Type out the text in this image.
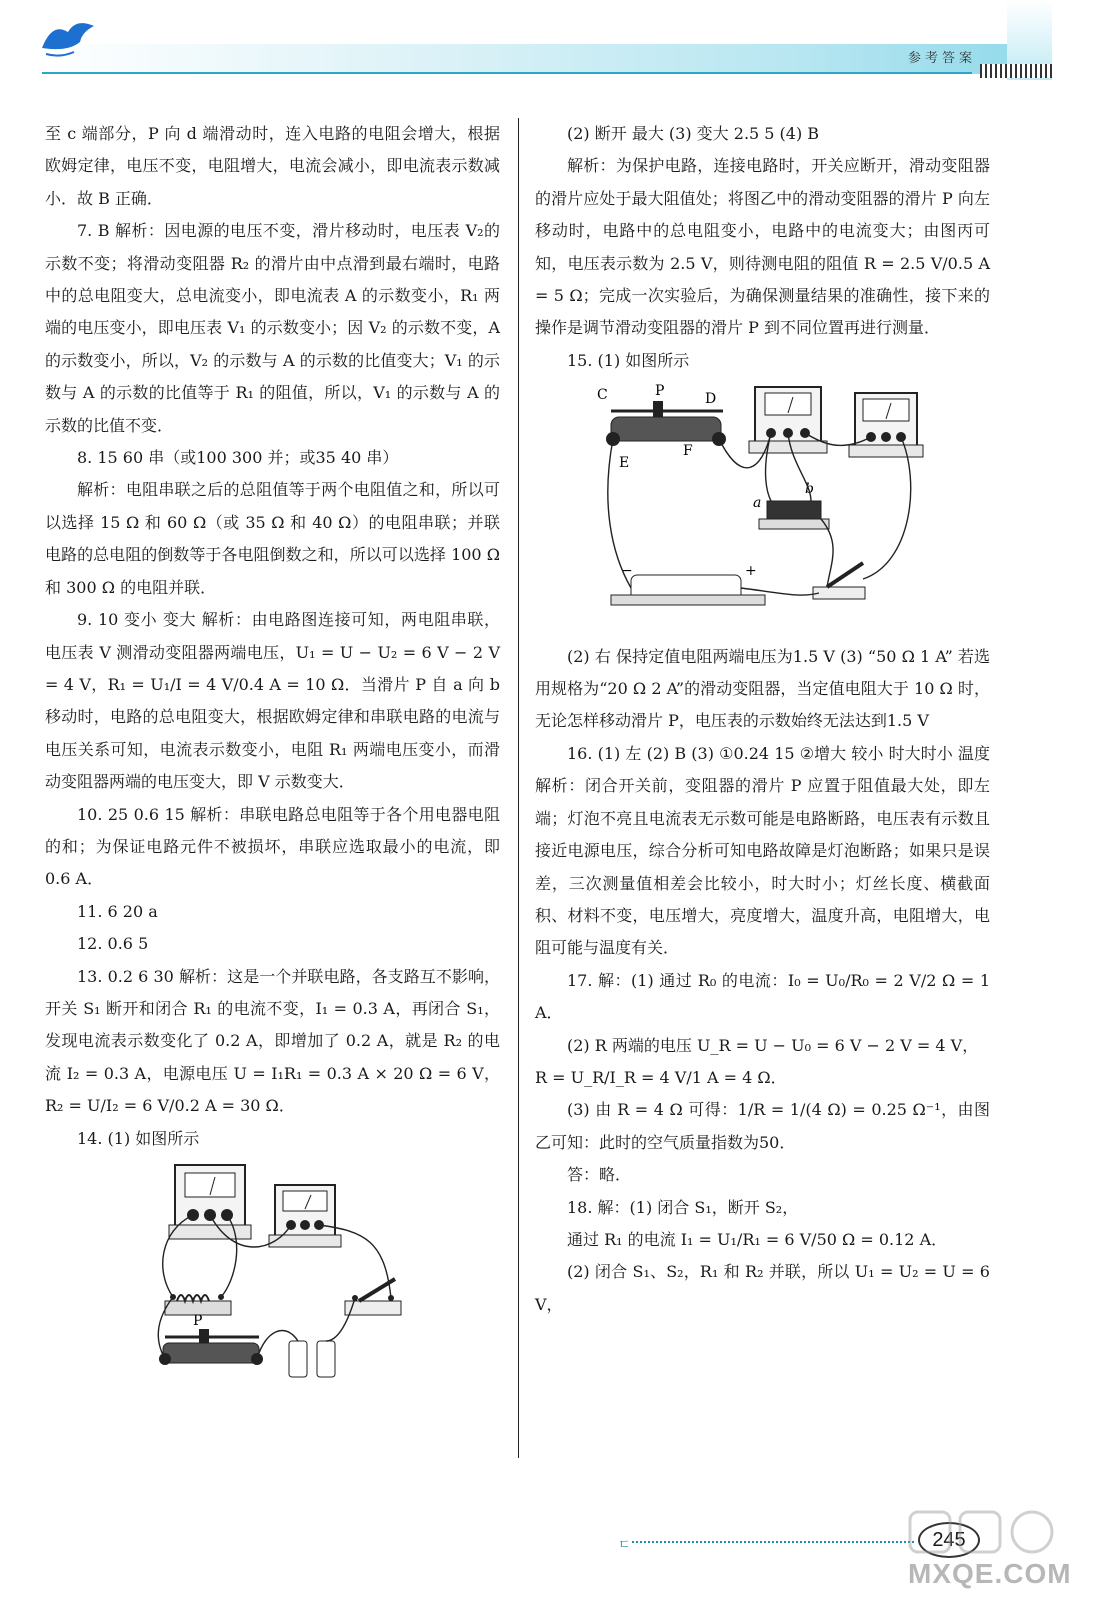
参考答案

至 c 端部分，P 向 d 端滑动时，连入电路的电阻会增大，根据欧姆定律，电压不变，电阻增大，电流会减小，即电流表示数减小．故 B 正确．

7. B 解析：因电源的电压不变，滑片移动时，电压表 V₂的示数不变；将滑动变阻器 R₂ 的滑片由中点滑到最右端时，电路中的总电阻变大，总电流变小，即电流表 A 的示数变小，R₁ 两端的电压变小，即电压表 V₁ 的示数变小；因 V₂ 的示数不变，A 的示数变小，所以，V₂ 的示数与 A 的示数的比值变大；V₁ 的示数与 A 的示数的比值等于 R₁ 的阻值，所以，V₁ 的示数与 A 的示数的比值不变．

8. 15 60 串（或100 300 并；或35 40 串）

解析：电阻串联之后的总阻值等于两个电阻值之和，所以可以选择 15 Ω 和 60 Ω（或 35 Ω 和 40 Ω）的电阻串联；并联电路的总电阻的倒数等于各电阻倒数之和，所以可以选择 100 Ω 和 300 Ω 的电阻并联．

9. 10 变小 变大 解析：由电路图连接可知，两电阻串联，电压表 V 测滑动变阻器两端电压，U₁ = U − U₂ = 6 V − 2 V = 4 V，R₁ = U₁/I = 4 V/0.4 A = 10 Ω．当滑片 P 自 a 向 b 移动时，电路的总电阻变大，根据欧姆定律和串联电路的电流与电压关系可知，电流表示数变小，电阻 R₁ 两端电压变小，而滑动变阻器两端的电压变大，即 V 示数变大．

10. 25 0.6 15 解析：串联电路总电阻等于各个用电器电阻的和；为保证电路元件不被损坏，串联应选取最小的电流，即 0.6 A．

11. 6 20 a

12. 0.6 5

13. 0.2 6 30 解析：这是一个并联电路，各支路互不影响，开关 S₁ 断开和闭合 R₁ 的电流不变，I₁ = 0.3 A，再闭合 S₁，发现电流表示数变化了 0.2 A，即增加了 0.2 A，就是 R₂ 的电流 I₂ = 0.3 A，电源电压 U = I₁R₁ = 0.3 A × 20 Ω = 6 V，R₂ = U/I₂ = 6 V/0.2 A = 30 Ω．

14. (1) 如图所示

P

(2) 断开 最大 (3) 变大 2.5 5 (4) B

解析：为保护电路，连接电路时，开关应断开，滑动变阻器的滑片应处于最大阻值处；将图乙中的滑动变阻器的滑片 P 向左移动时，电路中的总电阻变小，电路中的电流变大；由图丙可知，电压表示数为 2.5 V，则待测电阻的阻值 R = 2.5 V/0.5 A = 5 Ω；完成一次实验后，为确保测量结果的准确性，接下来的操作是调节滑动变阻器的滑片 P 到不同位置再进行测量．

15. (1) 如图所示

C	P	D
E
F
a
b
−	+

(2) 右 保持定值电阻两端电压为1.5 V (3) “50 Ω 1 A” 若选用规格为“20 Ω 2 A”的滑动变阻器，当定值电阻大于 10 Ω 时，无论怎样移动滑片 P，电压表的示数始终无法达到1.5 V

16. (1) 左 (2) B (3) ①0.24 15 ②增大 较小 时大时小 温度 解析：闭合开关前，变阻器的滑片 P 应置于阻值最大处，即左端；灯泡不亮且电流表无示数可能是电路断路，电压表有示数且接近电源电压，综合分析可知电路故障是灯泡断路；如果只是误差，三次测量值相差会比较小，时大时小；灯丝长度、横截面积、材料不变，电压增大，亮度增大，温度升高，电阻增大，电阻可能与温度有关．

17. 解：(1) 通过 R₀ 的电流：I₀ = U₀/R₀ = 2 V/2 Ω = 1 A．

(2) R 两端的电压 U_R = U − U₀ = 6 V − 2 V = 4 V，

R = U_R/I_R = 4 V/1 A = 4 Ω．

(3) 由 R = 4 Ω 可得：1/R = 1/(4 Ω) = 0.25 Ω⁻¹，由图乙可知：此时的空气质量指数为50．

答：略．

18. 解：(1) 闭合 S₁，断开 S₂，

通过 R₁ 的电流 I₁ = U₁/R₁ = 6 V/50 Ω = 0.12 A．

(2) 闭合 S₁、S₂，R₁ 和 R₂ 并联，所以 U₁ = U₂ = U = 6 V，

ㄷ	245
MXQE.COM
